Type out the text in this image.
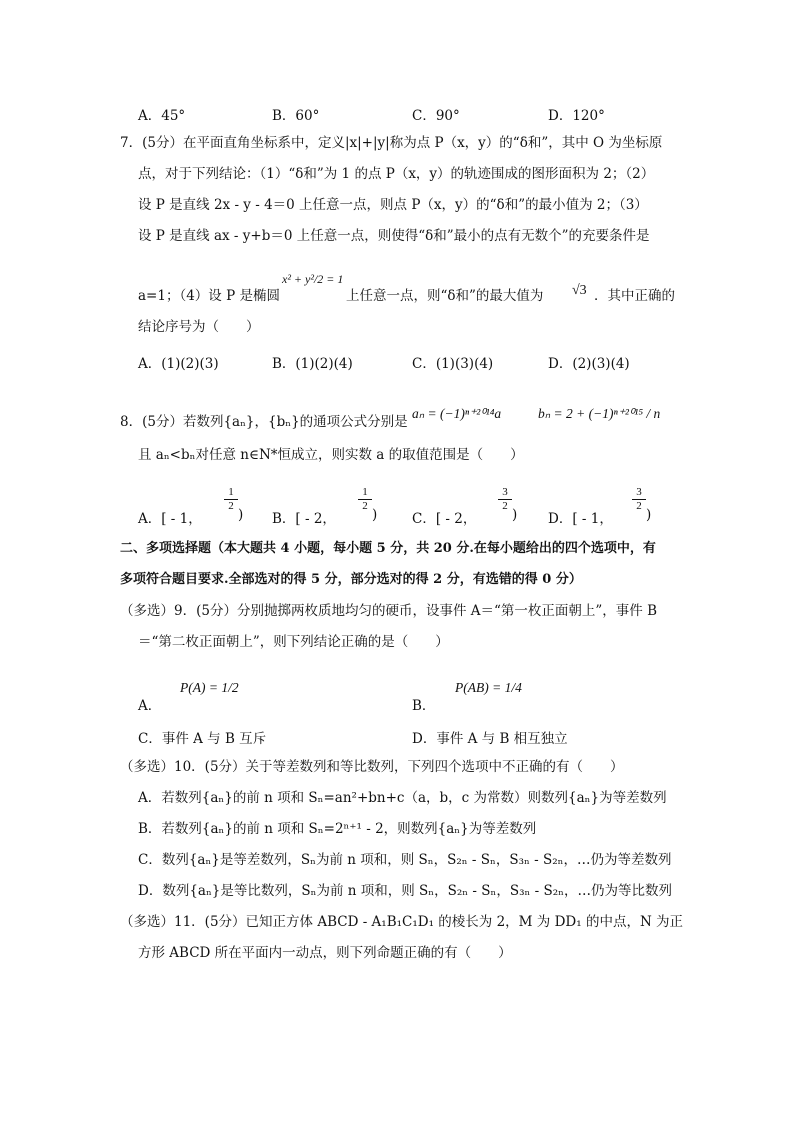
A．45°	B．60°	C．90°	D．120°
7．(5分）在平面直角坐标系中，定义|x|+|y|称为点 P（x，y）的“δ和”，其中 O 为坐标原
点，对于下列结论：（1）“δ和”为 1 的点 P（x，y）的轨迹围成的图形面积为 2；（2）
设 P 是直线 2x - y - 4＝0 上任意一点，则点 P（x，y）的“δ和”的最小值为 2；（3）
设 P 是直线 ax - y+b＝0 上任意一点，则使得“δ和”最小的点有无数个”的充要条件是
a=1；（4）设 P 是椭圆
x² + y²/2 = 1
上任意一点，则“δ和”的最大值为 √3 ．其中正确的
结论序号为（　　）
A．(1)(2)(3)	B．(1)(2)(4)	C．(1)(3)(4)	D．(2)(3)(4)
8．(5分）若数列{aₙ}，{bₙ}的通项公式分别是
aₙ = (−1)ⁿ⁺²⁰¹⁴a	bₙ = 2 + (−1)ⁿ⁺²⁰¹⁵ / n
且 aₙ<bₙ对任意 n∈N*恒成立，则实数 a 的取值范围是（　　）
A．[ - 1，
$\frac{1}{2}$
) B．[ - 2，
$\frac{1}{2}$
)	C．[ - 2，
$\frac{3}{2}$
) D．[ - 1，
$\frac{3}{2}$
)
二、多项选择题（本大题共 4 小题，每小题 5 分，共 20 分.在每小题给出的四个选项中，有
多项符合题目要求.全部选对的得 5 分，部分选对的得 2 分，有选错的得 0 分）
（多选）9．(5分）分别抛掷两枚质地均匀的硬币，设事件 A＝“第一枚正面朝上”，事件 B
＝“第二枚正面朝上”，则下列结论正确的是（　　）
A．
P(A) = 1/2
B．
P(AB) = 1/4
C．事件 A 与 B 互斥	D．事件 A 与 B 相互独立
（多选）10．(5分）关于等差数列和等比数列，下列四个选项中不正确的有（　　）
A．若数列{aₙ}的前 n 项和 Sₙ=an²+bn+c（a，b，c 为常数）则数列{aₙ}为等差数列
B．若数列{aₙ}的前 n 项和 Sₙ=2ⁿ⁺¹ - 2，则数列{aₙ}为等差数列
C．数列{aₙ}是等差数列，Sₙ为前 n 项和，则 Sₙ，S₂ₙ - Sₙ，S₃ₙ - S₂ₙ，…仍为等差数列
D．数列{aₙ}是等比数列，Sₙ为前 n 项和，则 Sₙ，S₂ₙ - Sₙ，S₃ₙ - S₂ₙ，…仍为等比数列
（多选）11．(5分）已知正方体 ABCD - A₁B₁C₁D₁ 的棱长为 2，M 为 DD₁ 的中点，N 为正
方形 ABCD 所在平面内一动点，则下列命题正确的有（　　）
